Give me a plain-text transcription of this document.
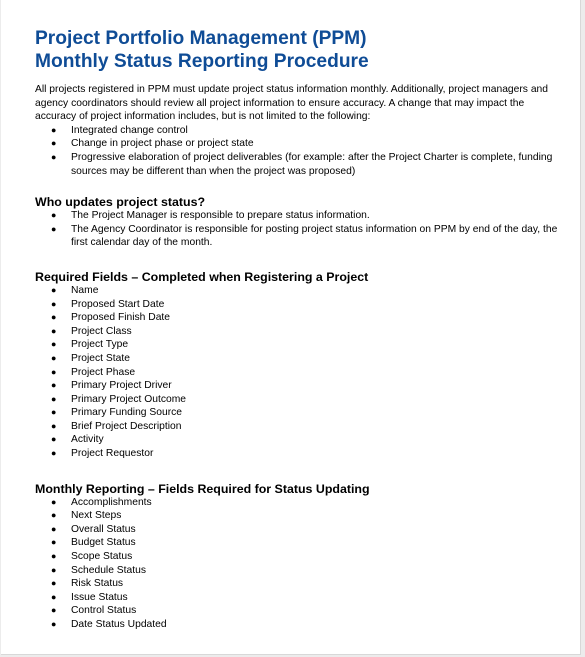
Project Portfolio Management (PPM)
Monthly Status Reporting Procedure

All projects registered in PPM must update project status information monthly. Additionally, project managers and agency coordinators should review all project information to ensure accuracy. A change that may impact the accuracy of project information includes, but is not limited to the following:

● Integrated change control
● Change in project phase or project state
● Progressive elaboration of project deliverables (for example: after the Project Charter is complete, funding sources may be different than when the project was proposed)
Who updates project status?
● The Project Manager is responsible to prepare status information.
● The Agency Coordinator is responsible for posting project status information on PPM by end of the day, the first calendar day of the month.
Required Fields – Completed when Registering a Project
● Name
● Proposed Start Date
● Proposed Finish Date
● Project Class
● Project Type
● Project State
● Project Phase
● Primary Project Driver
● Primary Project Outcome
● Primary Funding Source
● Brief Project Description
● Activity
● Project Requestor
Monthly Reporting – Fields Required for Status Updating
● Accomplishments
● Next Steps
● Overall Status
● Budget Status
● Scope Status
● Schedule Status
● Risk Status
● Issue Status
● Control Status
● Date Status Updated
